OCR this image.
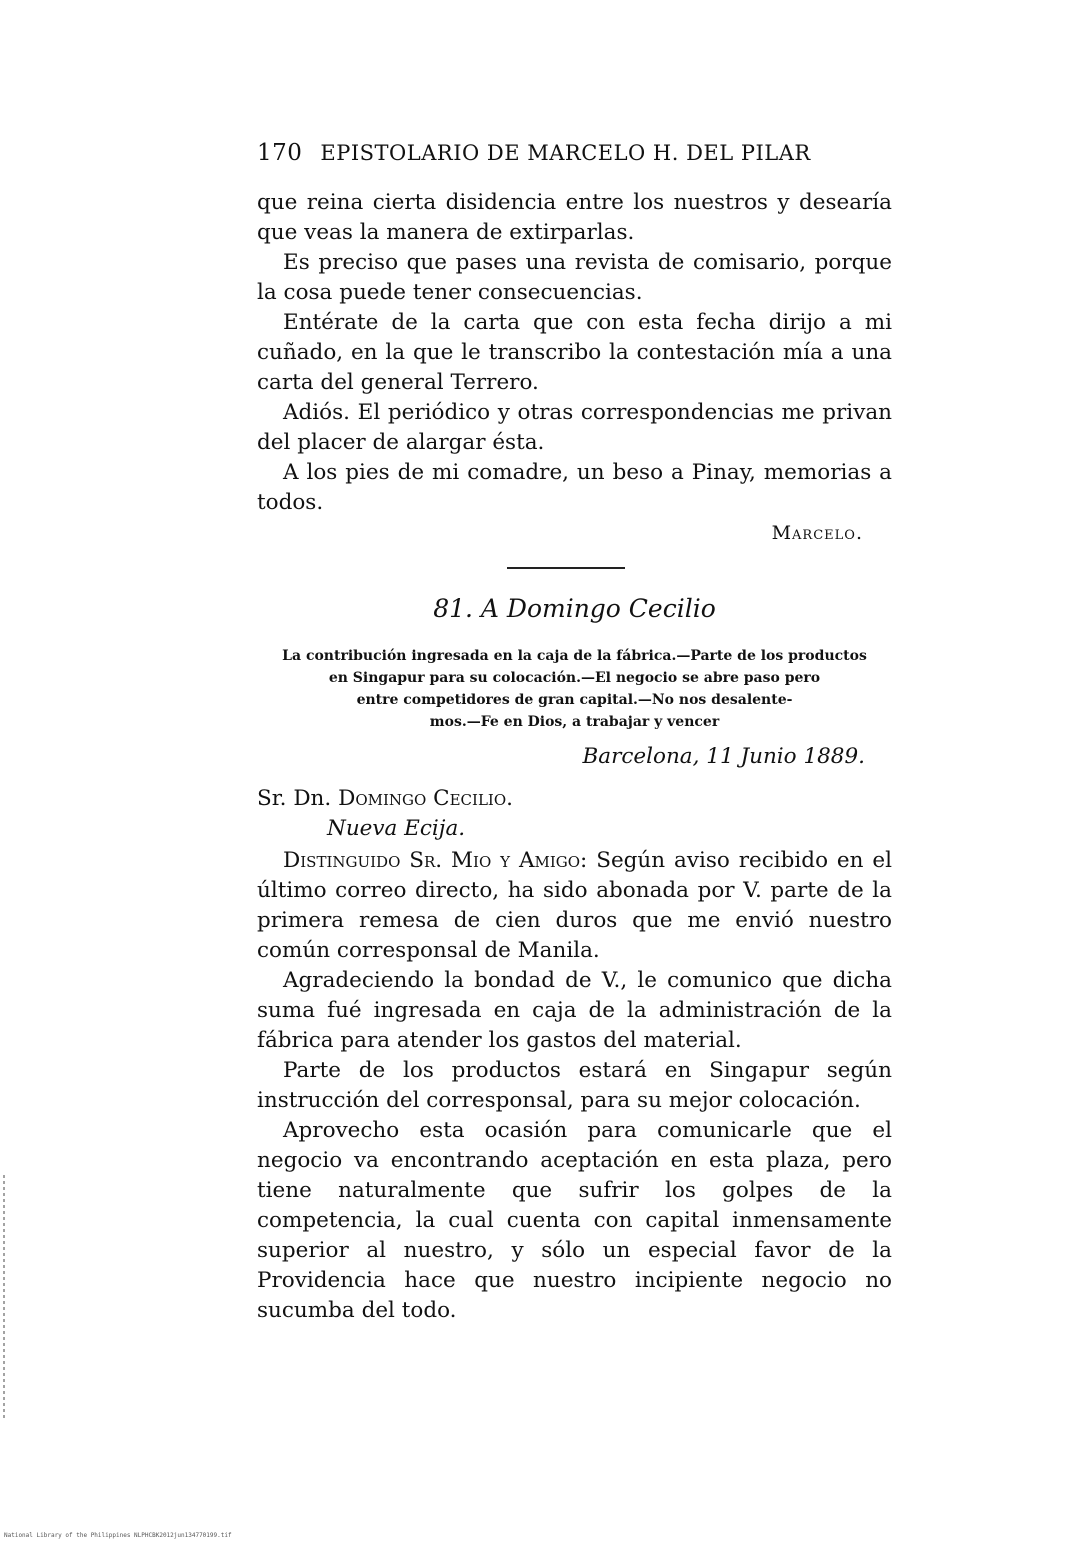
170 EPISTOLARIO DE MARCELO H. DEL PILAR

que reina cierta disidencia entre los nuestros y desearía que veas la manera de extirparlas.

Es preciso que pases una revista de comisario, porque la cosa puede tener consecuencias.

Entérate de la carta que con esta fecha dirijo a mi cuñado, en la que le transcribo la contestación mía a una carta del general Terrero.

Adiós. El periódico y otras correspondencias me privan del placer de alargar ésta.

A los pies de mi comadre, un beso a Pinay, memorias a todos.

Marcelo.
81. A Domingo Cecilio
La contribución ingresada en la caja de la fábrica.—Parte de los productos
en Singapur para su colocación.—El negocio se abre paso pero
entre competidores de gran capital.—No nos desalente-
mos.—Fe en Dios, a trabajar y vencer
Barcelona, 11 Junio 1889.
Sr. Dn. Domingo Cecilio.
Nueva Ecija.

Distinguido Sr. Mio y Amigo: Según aviso recibido en el último correo directo, ha sido abonada por V. parte de la primera remesa de cien duros que me envió nuestro común corresponsal de Manila.

Agradeciendo la bondad de V., le comunico que dicha suma fué ingresada en caja de la administración de la fábrica para atender los gastos del material.

Parte de los productos estará en Singapur según instrucción del corresponsal, para su mejor colocación.

Aprovecho esta ocasión para comunicarle que el negocio va encontrando aceptación en esta plaza, pero tiene naturalmente que sufrir los golpes de la competencia, la cual cuenta con capital inmensamente superior al nuestro, y sólo un especial favor de la Providencia hace que nuestro incipiente negocio no sucumba del todo.

National Library of the Philippines NLPHCBK2012jun134770199.tif
